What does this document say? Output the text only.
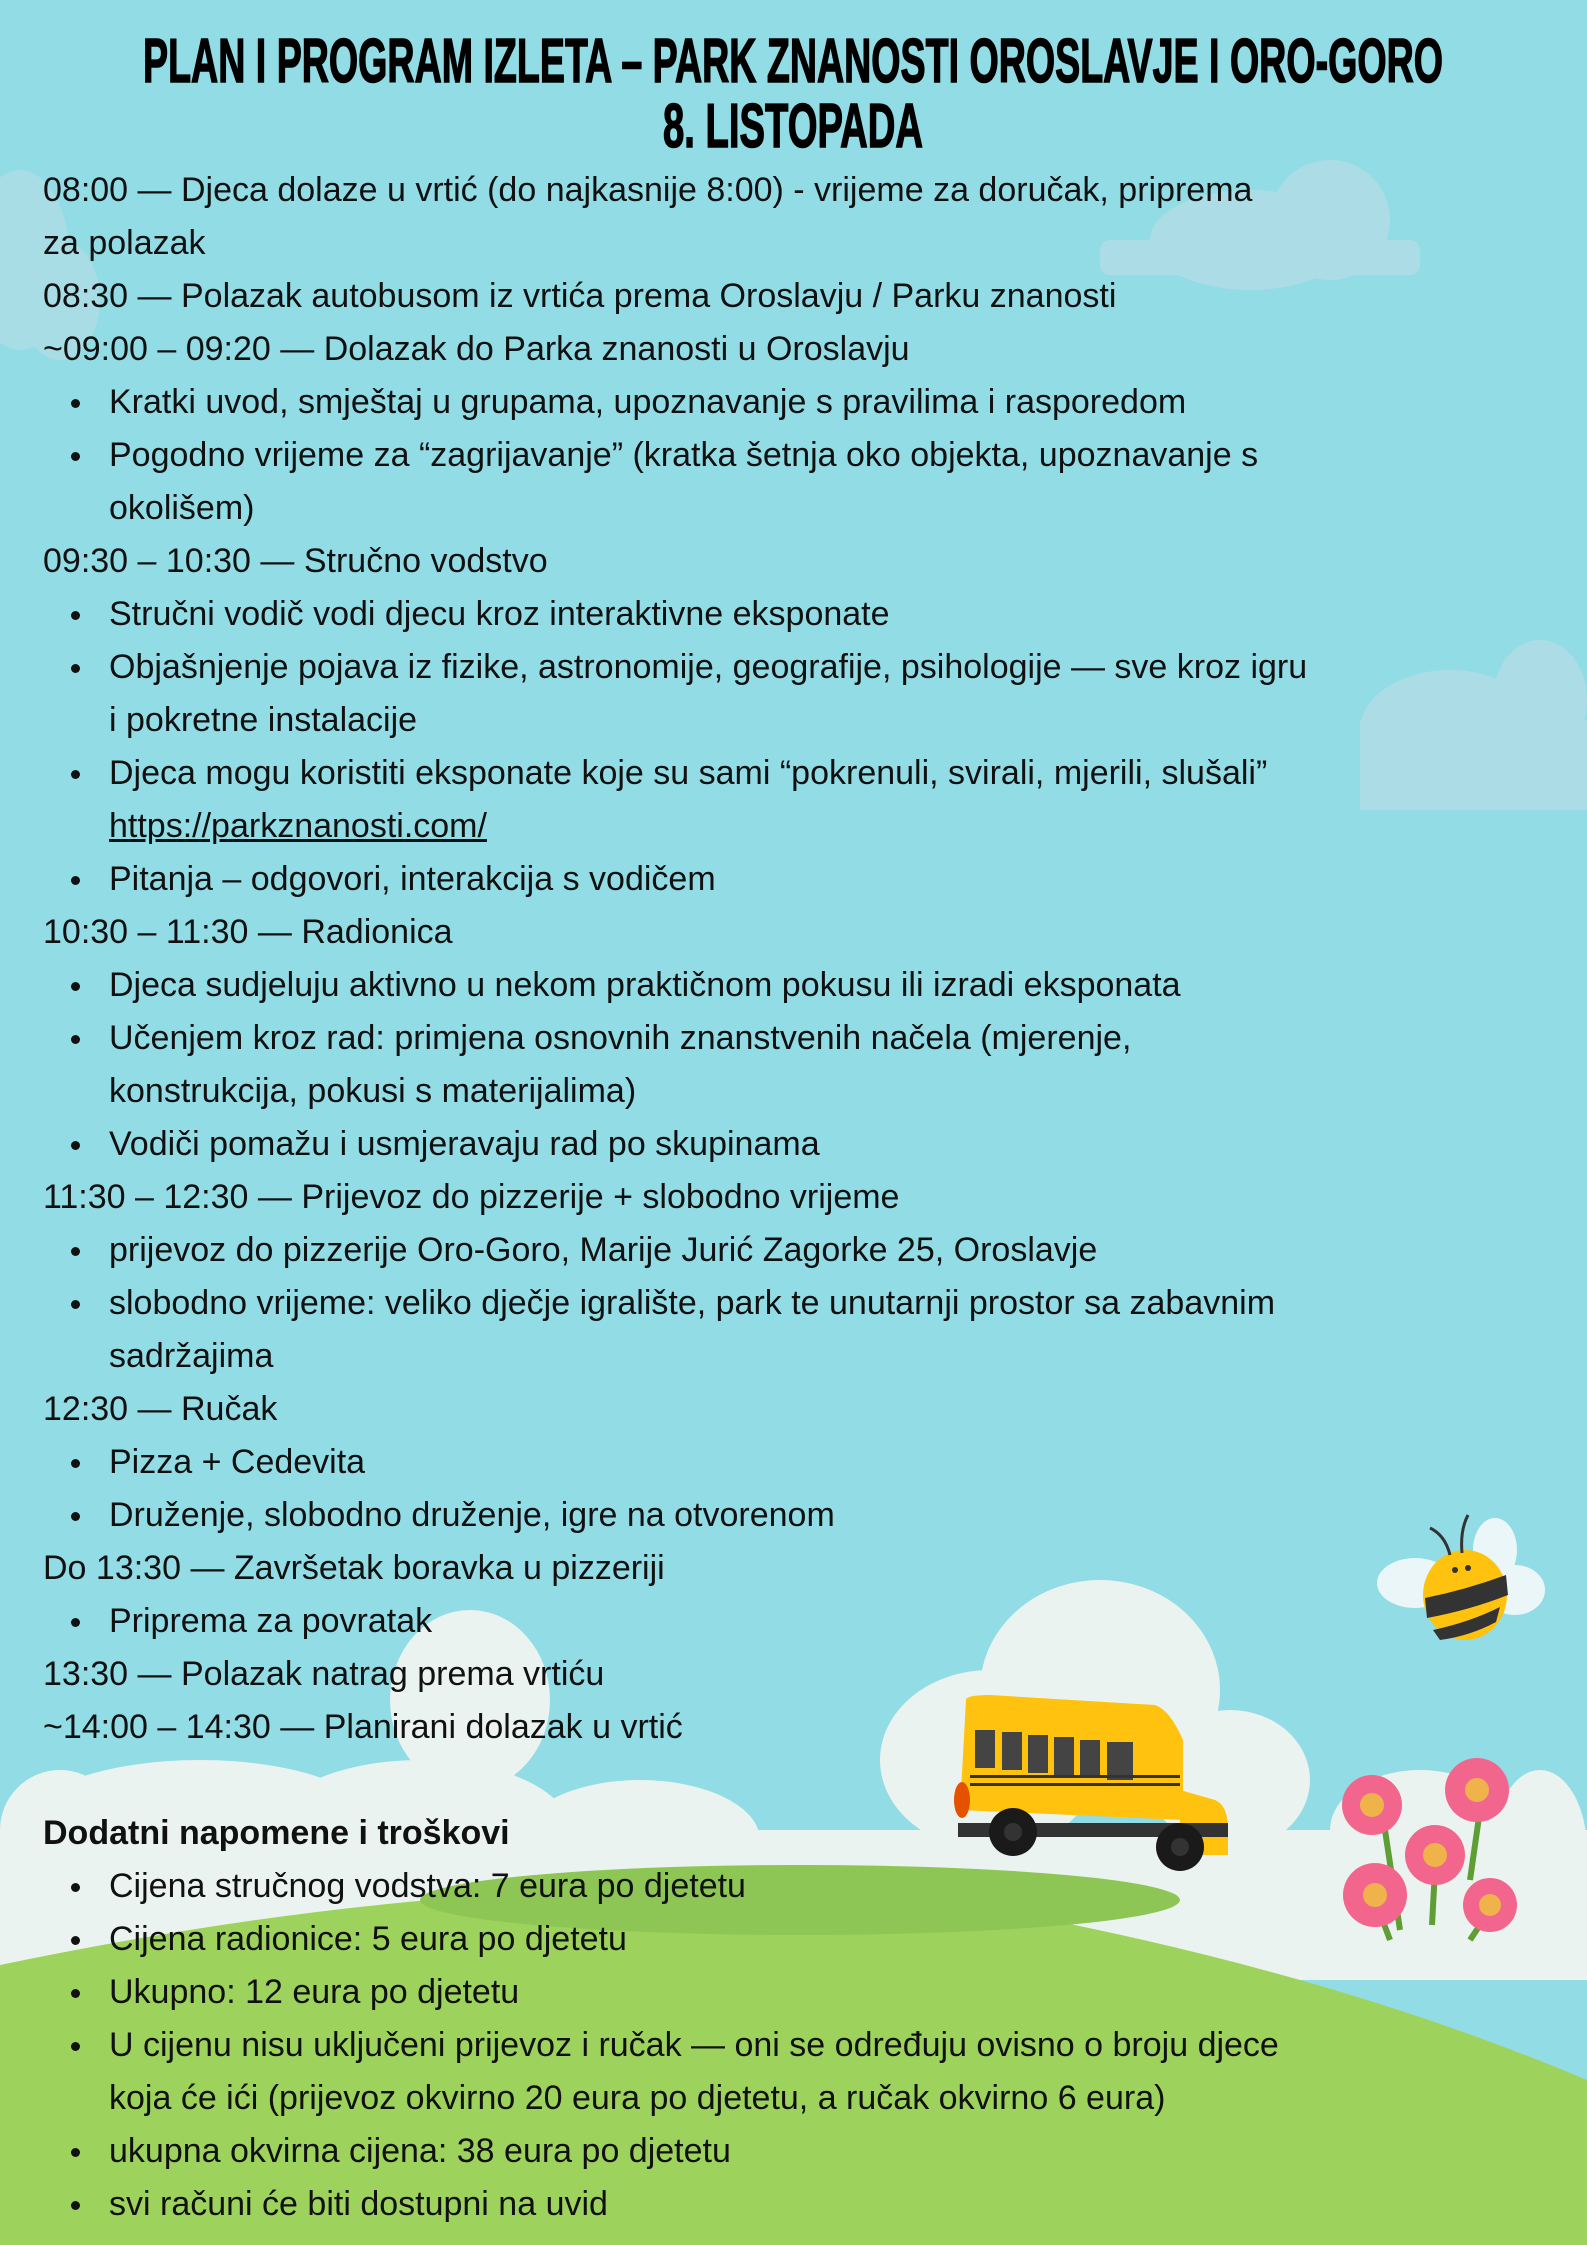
PLAN I PROGRAM IZLETA – PARK ZNANOSTI OROSLAVJE I ORO-GORO
8. LISTOPADA
08:00 — Djeca dolaze u vrtić (do najkasnije 8:00) - vrijeme za doručak, priprema
za polazak
08:30 — Polazak autobusom iz vrtića prema Oroslavju / Parku znanosti
~09:00 – 09:20 — Dolazak do Parka znanosti u Oroslavju
Kratki uvod, smještaj u grupama, upoznavanje s pravilima i rasporedom
Pogodno vrijeme za “zagrijavanje” (kratka šetnja oko objekta, upoznavanje s
okolišem)
09:30 – 10:30 — Stručno vodstvo
Stručni vodič vodi djecu kroz interaktivne eksponate
Objašnjenje pojava iz fizike, astronomije, geografije, psihologije — sve kroz igru
i pokretne instalacije
Djeca mogu koristiti eksponate koje su sami “pokrenuli, svirali, mjerili, slušali”
https://parkznanosti.com/
Pitanja – odgovori, interakcija s vodičem
10:30 – 11:30 — Radionica
Djeca sudjeluju aktivno u nekom praktičnom pokusu ili izradi eksponata
Učenjem kroz rad: primjena osnovnih znanstvenih načela (mjerenje,
konstrukcija, pokusi s materijalima)
Vodiči pomažu i usmjeravaju rad po skupinama
11:30 – 12:30 — Prijevoz do pizzerije + slobodno vrijeme
prijevoz do pizzerije Oro-Goro, Marije Jurić Zagorke 25, Oroslavje
slobodno vrijeme: veliko dječje igralište, park te unutarnji prostor sa zabavnim
sadržajima
12:30 — Ručak
Pizza + Cedevita
Druženje, slobodno druženje, igre na otvorenom
Do 13:30 — Završetak boravka u pizzeriji
Priprema za povratak
13:30 — Polazak natrag prema vrtiću
~14:00 – 14:30 — Planirani dolazak u vrtić
Dodatni napomene i troškovi
Cijena stručnog vodstva: 7 eura po djetetu
Cijena radionice: 5 eura po djetetu
Ukupno: 12 eura po djetetu
U cijenu nisu uključeni prijevoz i ručak — oni se određuju ovisno o broju djece
koja će ići (prijevoz okvirno 20 eura po djetetu, a ručak okvirno 6 eura)
ukupna okvirna cijena: 38 eura po djetetu
svi računi će biti dostupni na uvid
